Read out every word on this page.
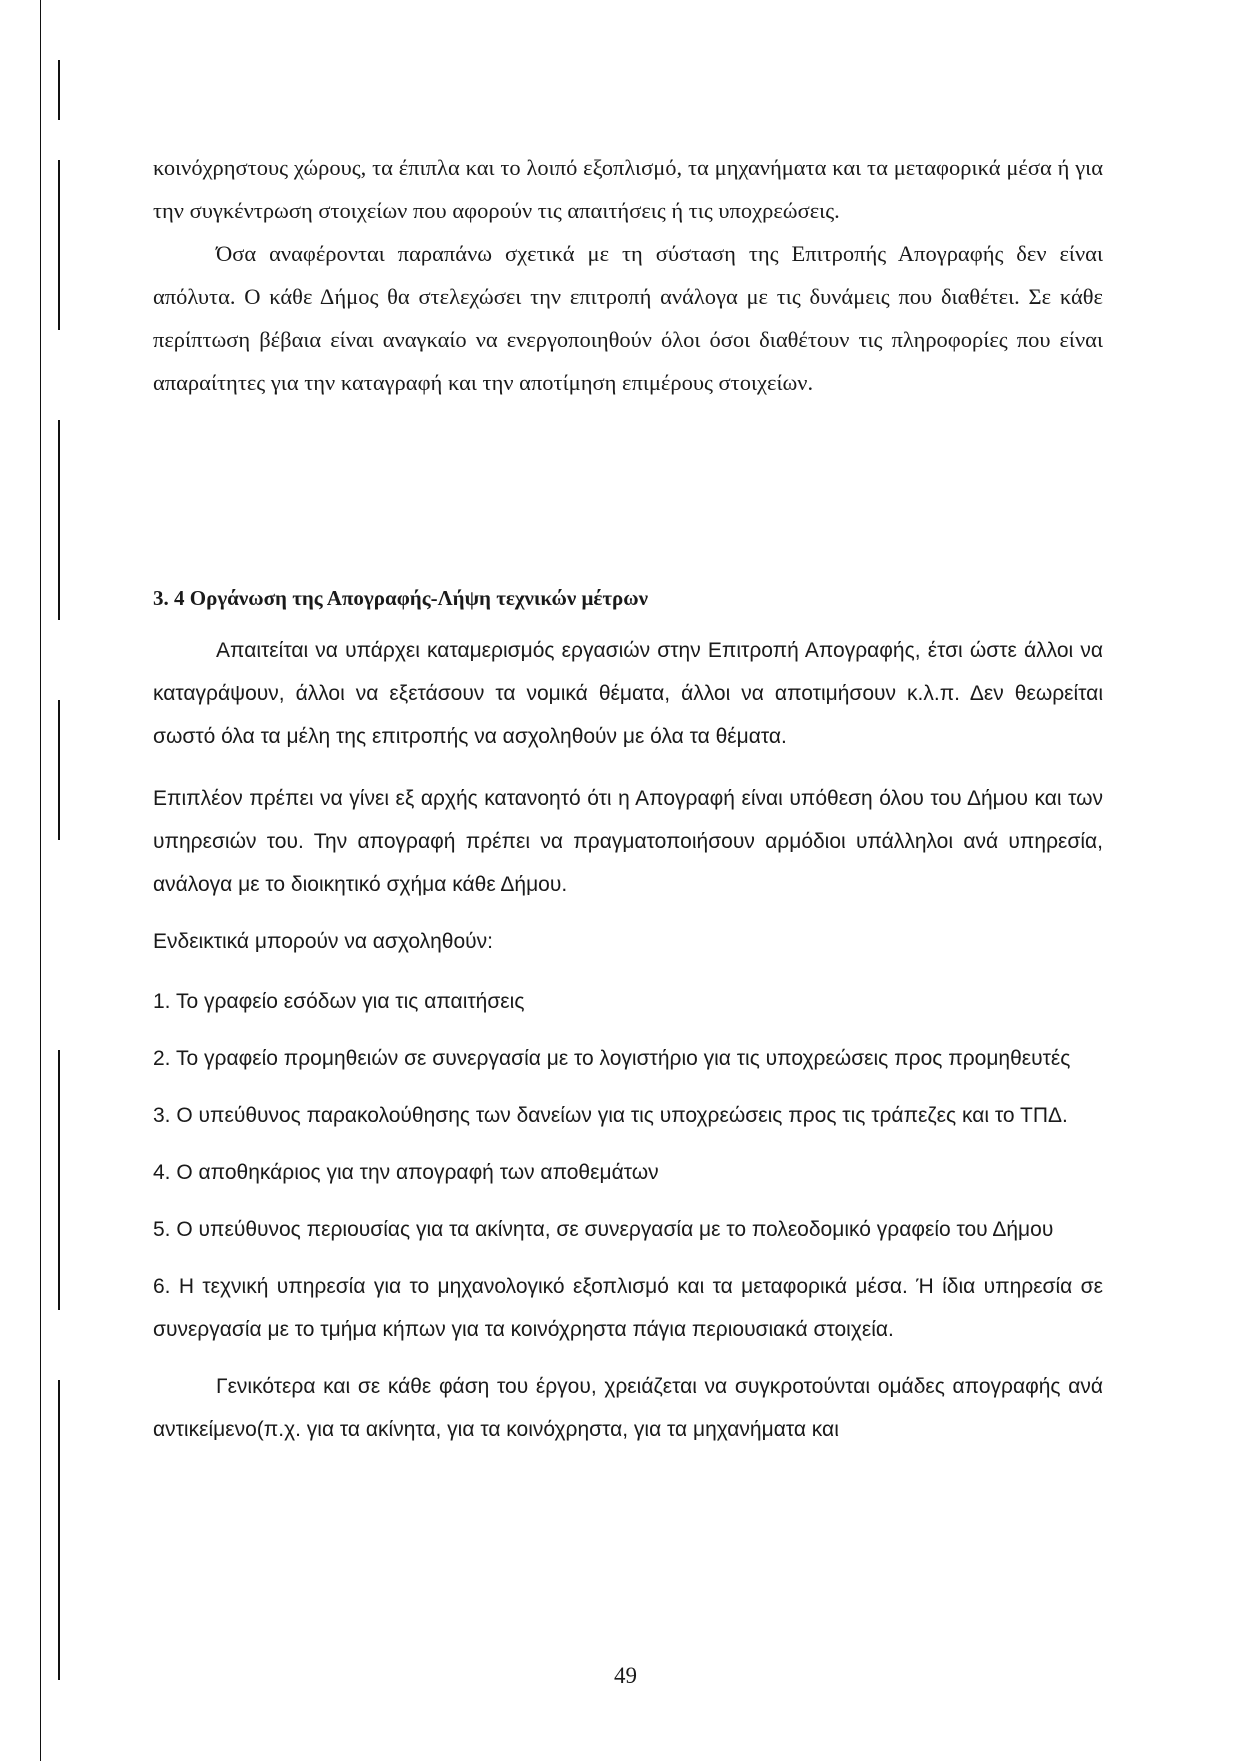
κοινόχρηστους χώρους, τα έπιπλα και το λοιπό εξοπλισμό, τα μηχανήματα και τα μεταφορικά μέσα ή για την συγκέντρωση στοιχείων που αφορούν τις απαιτήσεις ή τις υποχρεώσεις.

Όσα αναφέρονται παραπάνω σχετικά με τη σύσταση της Επιτροπής Απογραφής δεν είναι απόλυτα. Ο κάθε Δήμος θα στελεχώσει την επιτροπή ανάλογα με τις δυνάμεις που διαθέτει. Σε κάθε περίπτωση βέβαια είναι αναγκαίο να ενεργοποιηθούν όλοι όσοι διαθέτουν τις πληροφορίες που είναι απαραίτητες για την καταγραφή και την αποτίμηση επιμέρους στοιχείων.

3. 4 Οργάνωση της Απογραφής-Λήψη τεχνικών μέτρων

Απαιτείται να υπάρχει καταμερισμός εργασιών στην Επιτροπή Απογραφής, έτσι ώστε άλλοι να καταγράψουν, άλλοι να εξετάσουν τα νομικά θέματα, άλλοι να αποτιμήσουν κ.λ.π. Δεν θεωρείται σωστό όλα τα μέλη της επιτροπής να ασχοληθούν με όλα τα θέματα.

Επιπλέον πρέπει να γίνει εξ αρχής κατανοητό ότι η Απογραφή είναι υπόθεση όλου του Δήμου και των υπηρεσιών του. Την απογραφή πρέπει να πραγματοποιήσουν αρμόδιοι υπάλληλοι ανά υπηρεσία, ανάλογα με το διοικητικό σχήμα κάθε Δήμου.

Ενδεικτικά μπορούν να ασχοληθούν:

1. Το γραφείο εσόδων για τις απαιτήσεις

2. Το γραφείο προμηθειών σε συνεργασία με το λογιστήριο για τις υποχρεώσεις προς προμηθευτές

3. Ο υπεύθυνος παρακολούθησης των δανείων για τις υποχρεώσεις προς τις τράπεζες και το ΤΠΔ.

4. Ο αποθηκάριος για την απογραφή των αποθεμάτων

5. Ο υπεύθυνος περιουσίας για τα ακίνητα, σε συνεργασία με το πολεοδομικό γραφείο του Δήμου

6. Η τεχνική υπηρεσία για το μηχανολογικό εξοπλισμό και τα μεταφορικά μέσα. Ή ίδια υπηρεσία σε συνεργασία με το τμήμα κήπων για τα κοινόχρηστα πάγια περιουσιακά στοιχεία.

Γενικότερα και σε κάθε φάση του έργου, χρειάζεται να συγκροτούνται ομάδες απογραφής ανά αντικείμενο(π.χ. για τα ακίνητα, για τα κοινόχρηστα, για τα μηχανήματα και

49
